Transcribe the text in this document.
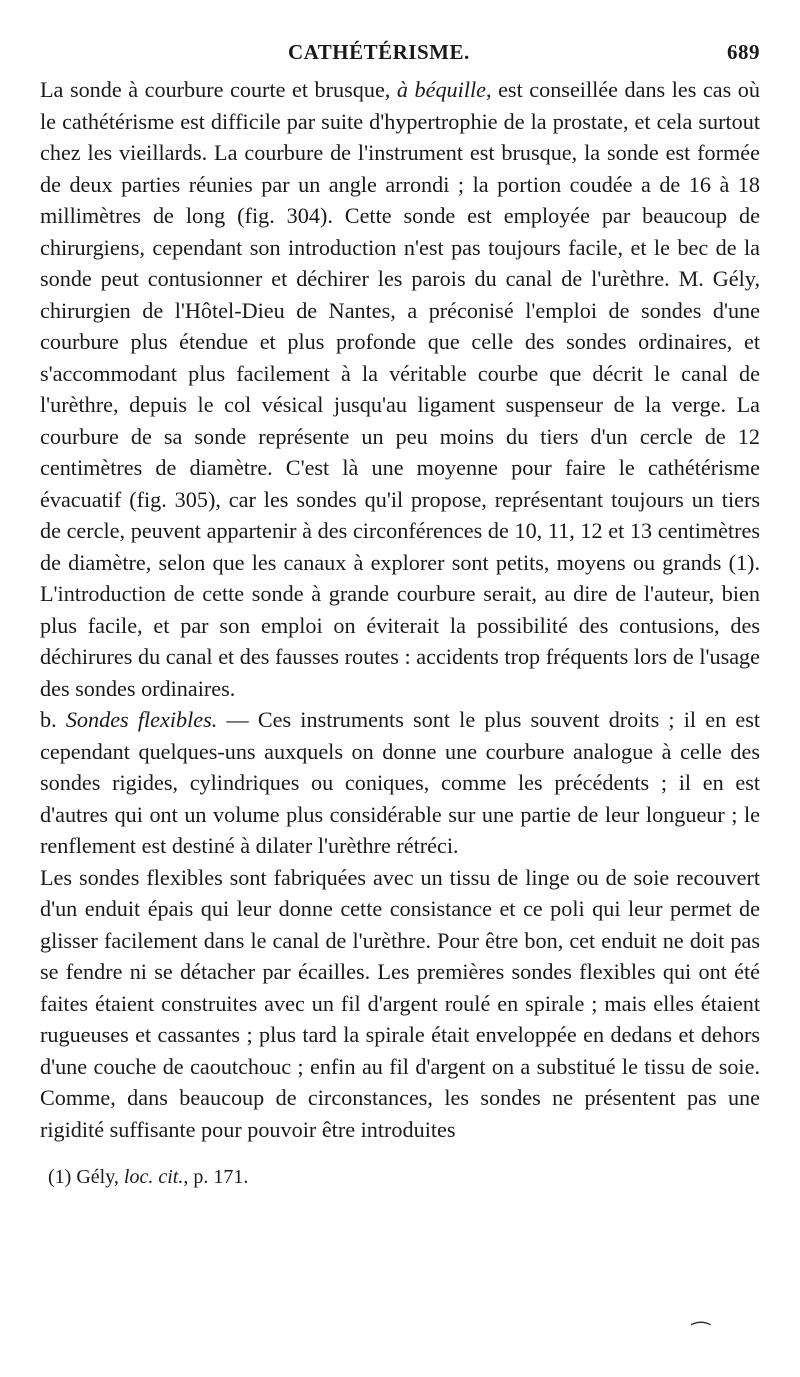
CATHÉTÉRISME.	689

La sonde à courbure courte et brusque, à béquille, est conseillée dans les cas où le cathétérisme est difficile par suite d'hypertrophie de la prostate, et cela surtout chez les vieillards. La courbure de l'instrument est brusque, la sonde est formée de deux parties réunies par un angle arrondi ; la portion coudée a de 16 à 18 millimètres de long (fig. 304). Cette sonde est employée par beaucoup de chirurgiens, cependant son introduction n'est pas toujours facile, et le bec de la sonde peut contusionner et déchirer les parois du canal de l'urèthre. M. Gély, chirurgien de l'Hôtel-Dieu de Nantes, a préconisé l'emploi de sondes d'une courbure plus étendue et plus profonde que celle des sondes ordinaires, et s'accommodant plus facilement à la véritable courbe que décrit le canal de l'urèthre, depuis le col vésical jusqu'au ligament suspenseur de la verge. La courbure de sa sonde représente un peu moins du tiers d'un cercle de 12 centimètres de diamètre. C'est là une moyenne pour faire le cathétérisme évacuatif (fig. 305), car les sondes qu'il propose, représentant toujours un tiers de cercle, peuvent appartenir à des circonférences de 10, 11, 12 et 13 centimètres de diamètre, selon que les canaux à explorer sont petits, moyens ou grands (1). L'introduction de cette sonde à grande courbure serait, au dire de l'auteur, bien plus facile, et par son emploi on éviterait la possibilité des contusions, des déchirures du canal et des fausses routes : accidents trop fréquents lors de l'usage des sondes ordinaires.

b. Sondes flexibles. — Ces instruments sont le plus souvent droits ; il en est cependant quelques-uns auxquels on donne une courbure analogue à celle des sondes rigides, cylindriques ou coniques, comme les précédents ; il en est d'autres qui ont un volume plus considérable sur une partie de leur longueur ; le renflement est destiné à dilater l'urèthre rétréci.

Les sondes flexibles sont fabriquées avec un tissu de linge ou de soie recouvert d'un enduit épais qui leur donne cette consistance et ce poli qui leur permet de glisser facilement dans le canal de l'urèthre. Pour être bon, cet enduit ne doit pas se fendre ni se détacher par écailles. Les premières sondes flexibles qui ont été faites étaient construites avec un fil d'argent roulé en spirale ; mais elles étaient rugueuses et cassantes ; plus tard la spirale était enveloppée en dedans et dehors d'une couche de caoutchouc ; enfin au fil d'argent on a substitué le tissu de soie. Comme, dans beaucoup de circonstances, les sondes ne présentent pas une rigidité suffisante pour pouvoir être introduites

(1) Gély, loc. cit., p. 171.
⁀
